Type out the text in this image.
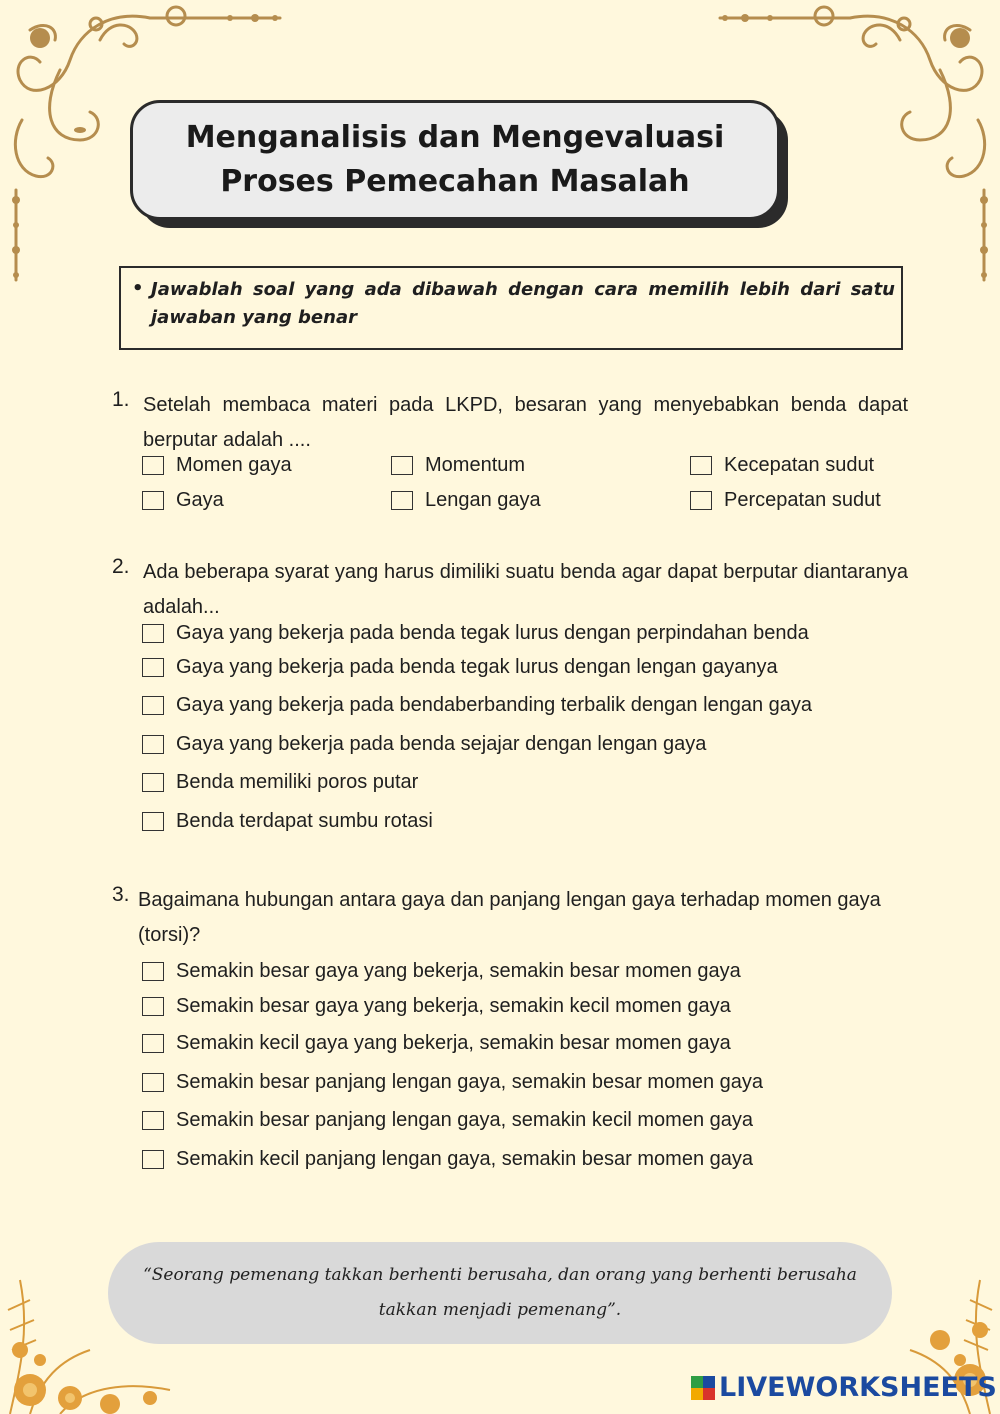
Menganalisis dan Mengevaluasi Proses Pemecahan Masalah
• Jawablah soal yang ada dibawah dengan cara memilih lebih dari satu jawaban yang benar

1. Setelah membaca materi pada LKPD, besaran yang menyebabkan benda dapat berputar adalah ....
Momen gaya	Momentum	Kecepatan sudut
Gaya	Lengan gaya	Percepatan sudut
2. Ada beberapa syarat yang harus dimiliki suatu benda agar dapat berputar diantaranya adalah...
Gaya yang bekerja pada benda tegak lurus dengan perpindahan benda
Gaya yang bekerja pada benda tegak lurus dengan lengan gayanya
Gaya yang bekerja pada bendaberbanding terbalik dengan lengan gaya
Gaya yang bekerja pada benda sejajar dengan lengan gaya
Benda memiliki poros putar
Benda terdapat sumbu rotasi
3. Bagaimana hubungan antara gaya dan panjang lengan gaya terhadap momen gaya (torsi)?
Semakin besar gaya yang bekerja, semakin besar momen gaya
Semakin besar gaya yang bekerja, semakin kecil momen gaya
Semakin kecil gaya yang bekerja, semakin besar momen gaya
Semakin besar panjang lengan gaya, semakin besar momen gaya
Semakin besar panjang lengan gaya, semakin kecil momen gaya
Semakin kecil panjang lengan gaya, semakin besar momen gaya

“Seorang pemenang takkan berhenti berusaha, dan orang yang berhenti berusaha takkan menjadi pemenang”.

LIVEWORKSHEETS
